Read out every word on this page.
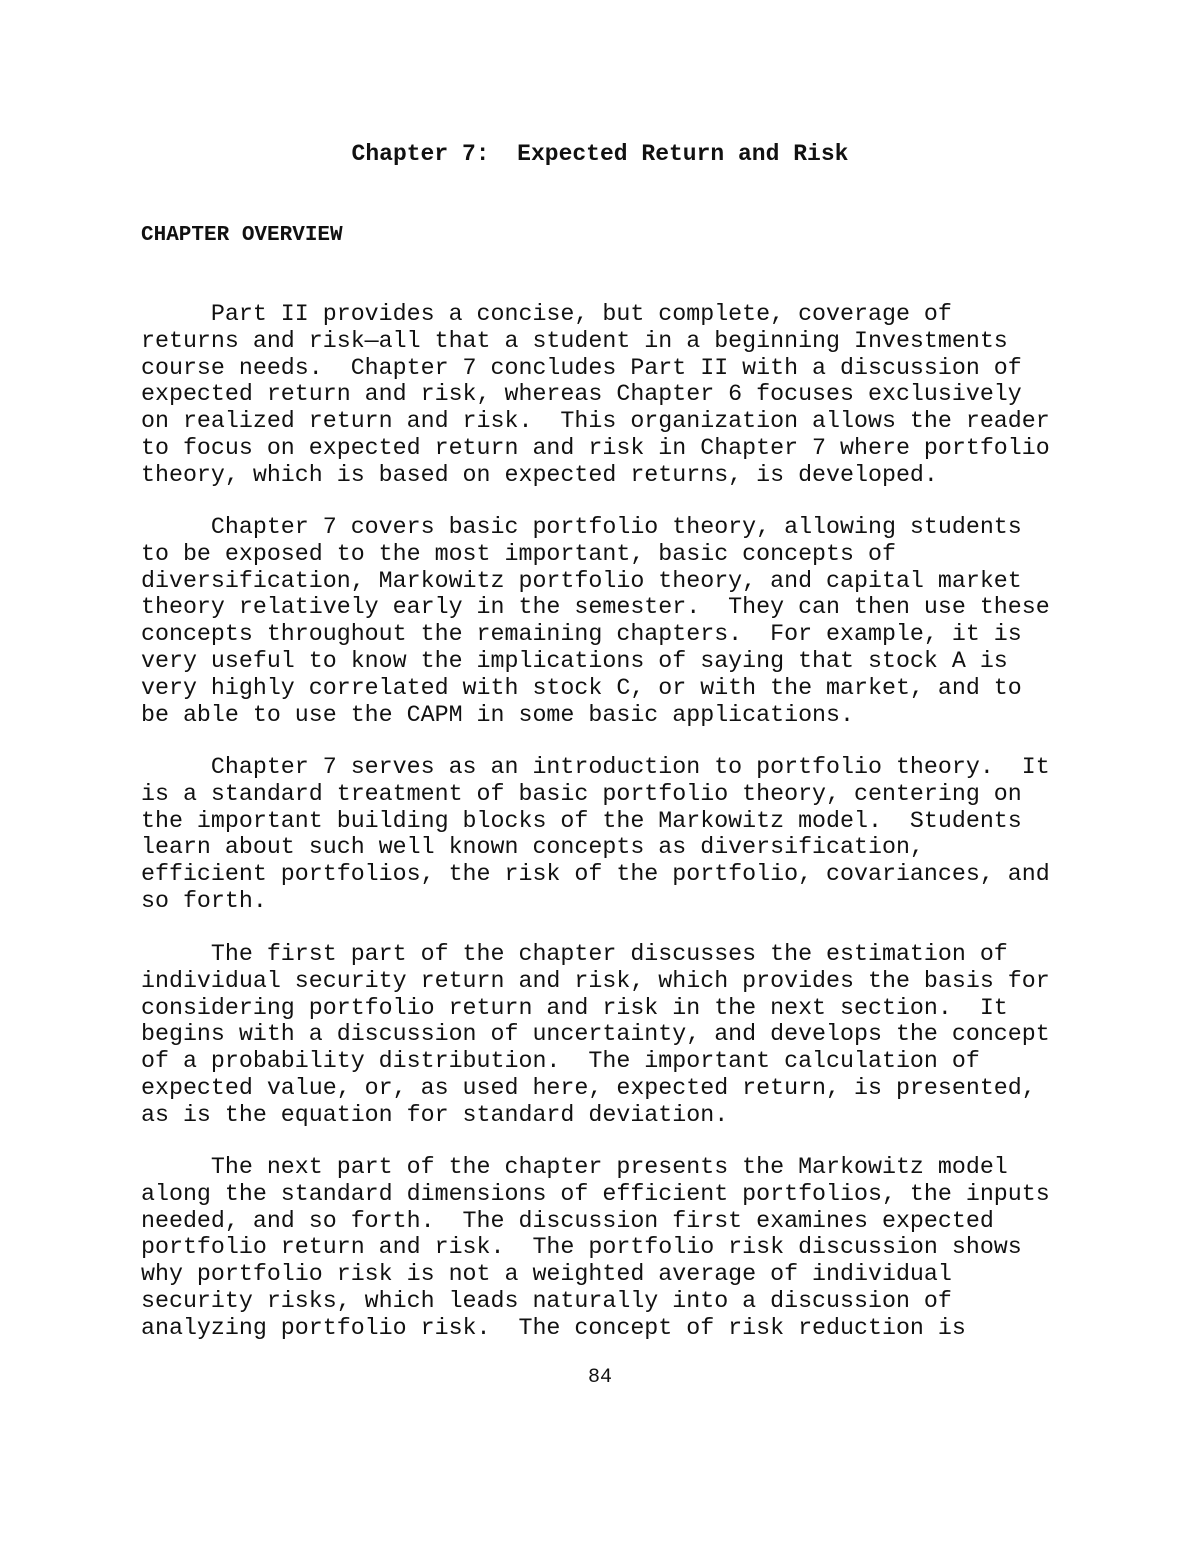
Chapter 7:  Expected Return and Risk
CHAPTER OVERVIEW

Part II provides a concise, but complete, coverage of
returns and risk—all that a student in a beginning Investments
course needs.  Chapter 7 concludes Part II with a discussion of
expected return and risk, whereas Chapter 6 focuses exclusively
on realized return and risk.  This organization allows the reader
to focus on expected return and risk in Chapter 7 where portfolio
theory, which is based on expected returns, is developed.

Chapter 7 covers basic portfolio theory, allowing students
to be exposed to the most important, basic concepts of
diversification, Markowitz portfolio theory, and capital market
theory relatively early in the semester.  They can then use these
concepts throughout the remaining chapters.  For example, it is
very useful to know the implications of saying that stock A is
very highly correlated with stock C, or with the market, and to
be able to use the CAPM in some basic applications.

Chapter 7 serves as an introduction to portfolio theory.  It
is a standard treatment of basic portfolio theory, centering on
the important building blocks of the Markowitz model.  Students
learn about such well known concepts as diversification,
efficient portfolios, the risk of the portfolio, covariances, and
so forth.

The first part of the chapter discusses the estimation of
individual security return and risk, which provides the basis for
considering portfolio return and risk in the next section.  It
begins with a discussion of uncertainty, and develops the concept
of a probability distribution.  The important calculation of
expected value, or, as used here, expected return, is presented,
as is the equation for standard deviation.

The next part of the chapter presents the Markowitz model
along the standard dimensions of efficient portfolios, the inputs
needed, and so forth.  The discussion first examines expected
portfolio return and risk.  The portfolio risk discussion shows
why portfolio risk is not a weighted average of individual
security risks, which leads naturally into a discussion of
analyzing portfolio risk.  The concept of risk reduction is

84
